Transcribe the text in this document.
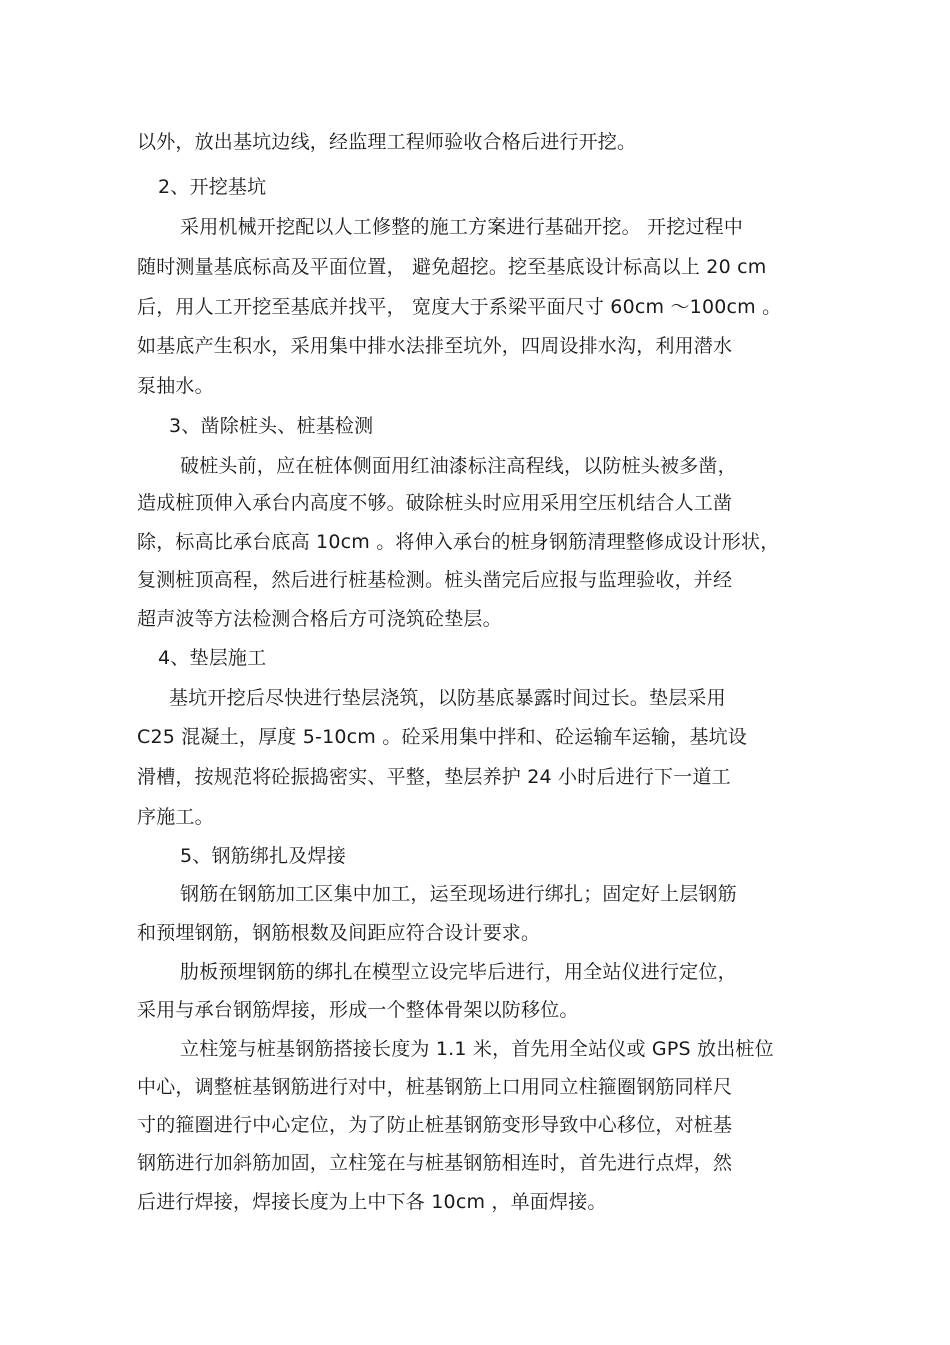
以外，放出基坑边线，经监理工程师验收合格后进行开挖。
2、开挖基坑
采用机械开挖配以人工修整的施工方案进行基础开挖。 开挖过程中
随时测量基底标高及平面位置， 避免超挖。挖至基底设计标高以上 20 cm
后，用人工开挖至基底并找平， 宽度大于系梁平面尺寸 60cm ～100cm 。
如基底产生积水，采用集中排水法排至坑外，四周设排水沟，利用潜水
泵抽水。
3、凿除桩头、桩基检测
破桩头前，应在桩体侧面用红油漆标注高程线，以防桩头被多凿，
造成桩顶伸入承台内高度不够。破除桩头时应用采用空压机结合人工凿
除，标高比承台底高 10cm 。将伸入承台的桩身钢筋清理整修成设计形状，
复测桩顶高程，然后进行桩基检测。桩头凿完后应报与监理验收，并经
超声波等方法检测合格后方可浇筑砼垫层。
4、垫层施工
基坑开挖后尽快进行垫层浇筑，以防基底暴露时间过长。垫层采用
C25 混凝土，厚度 5-10cm 。砼采用集中拌和、砼运输车运输，基坑设
滑槽，按规范将砼振捣密实、平整，垫层养护 24 小时后进行下一道工
序施工。
5、钢筋绑扎及焊接
钢筋在钢筋加工区集中加工，运至现场进行绑扎；固定好上层钢筋
和预埋钢筋，钢筋根数及间距应符合设计要求。
肋板预埋钢筋的绑扎在模型立设完毕后进行，用全站仪进行定位，
采用与承台钢筋焊接，形成一个整体骨架以防移位。
立柱笼与桩基钢筋搭接长度为 1.1 米，首先用全站仪或 GPS 放出桩位
中心，调整桩基钢筋进行对中，桩基钢筋上口用同立柱箍圈钢筋同样尺
寸的箍圈进行中心定位，为了防止桩基钢筋变形导致中心移位，对桩基
钢筋进行加斜筋加固，立柱笼在与桩基钢筋相连时，首先进行点焊，然
后进行焊接，焊接长度为上中下各 10cm ，单面焊接。
